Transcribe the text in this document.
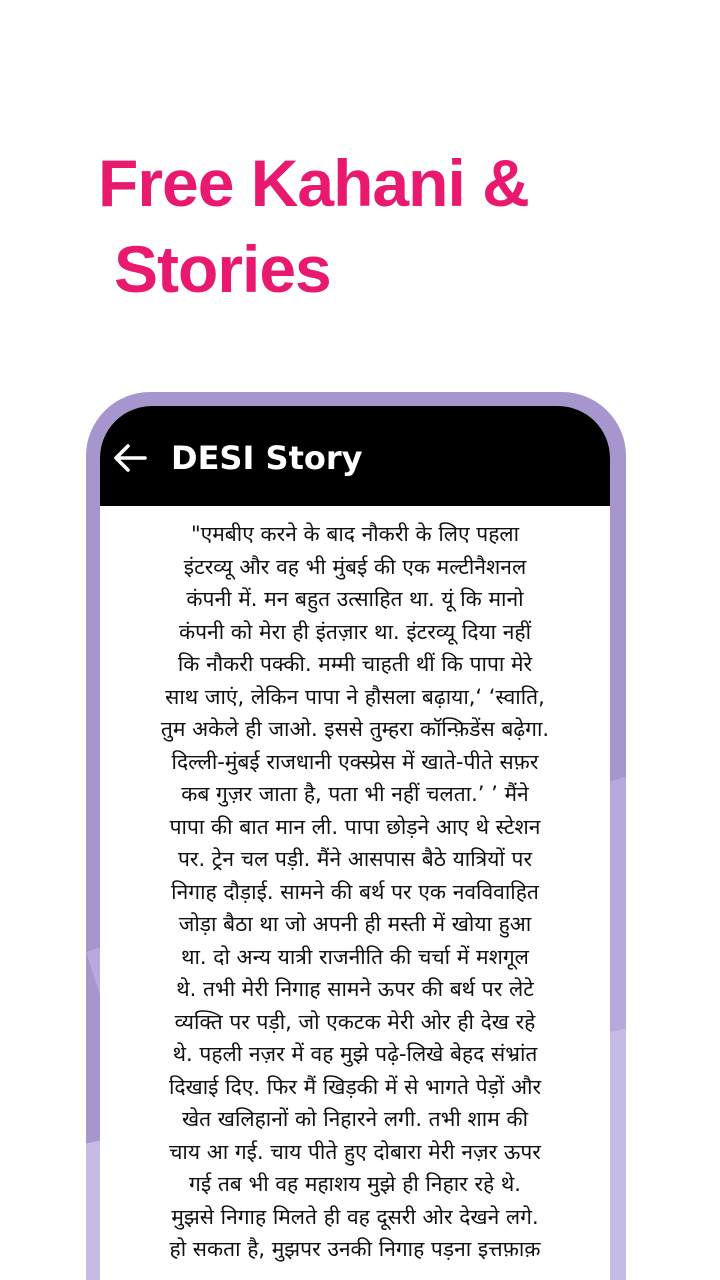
Free Kahani &
Stories
DESI Story
"एमबीए करने के बाद नौकरी के लिए पहला
इंटरव्यू और वह भी मुंबई की एक मल्टीनैशनल
कंपनी में. मन बहुत उत्साहित था. यूं कि मानो
कंपनी को मेरा ही इंतज़ार था. इंटरव्यू दिया नहीं
कि नौकरी पक्की. मम्मी चाहती थीं कि पापा मेरे
साथ जाएं, लेकिन पापा ने हौसला बढ़ाया,‘ ‘स्वाति,
तुम अकेले ही जाओ. इससे तुम्हरा कॉन्फ़िडेंस बढ़ेगा.
दिल्ली-मुंबई राजधानी एक्स्प्रेस में खाते-पीते सफ़र
कब गुज़र जाता है, पता भी नहीं चलता.’ ’ मैंने
पापा की बात मान ली. पापा छोड़ने आए थे स्टेशन
पर. ट्रेन चल पड़ी. मैंने आसपास बैठे यात्रियों पर
निगाह दौड़ाई. सामने की बर्थ पर एक नवविवाहित
जोड़ा बैठा था जो अपनी ही मस्ती में खोया हुआ
था. दो अन्य यात्री राजनीति की चर्चा में मशगूल
थे. तभी मेरी निगाह सामने ऊपर की बर्थ पर लेटे
व्यक्ति पर पड़ी, जो एकटक मेरी ओर ही देख रहे
थे. पहली नज़र में वह मुझे पढ़े-लिखे बेहद संभ्रांत
दिखाई दिए. फिर मैं खिड़की में से भागते पेड़ों और
खेत खलिहानों को निहारने लगी. तभी शाम की
चाय आ गई. चाय पीते हुए दोबारा मेरी नज़र ऊपर
गई तब भी वह महाशय मुझे ही निहार रहे थे.
मुझसे निगाह मिलते ही वह दूसरी ओर देखने लगे.
हो सकता है, मुझपर उनकी निगाह पड़ना इत्तफ़ाक़
